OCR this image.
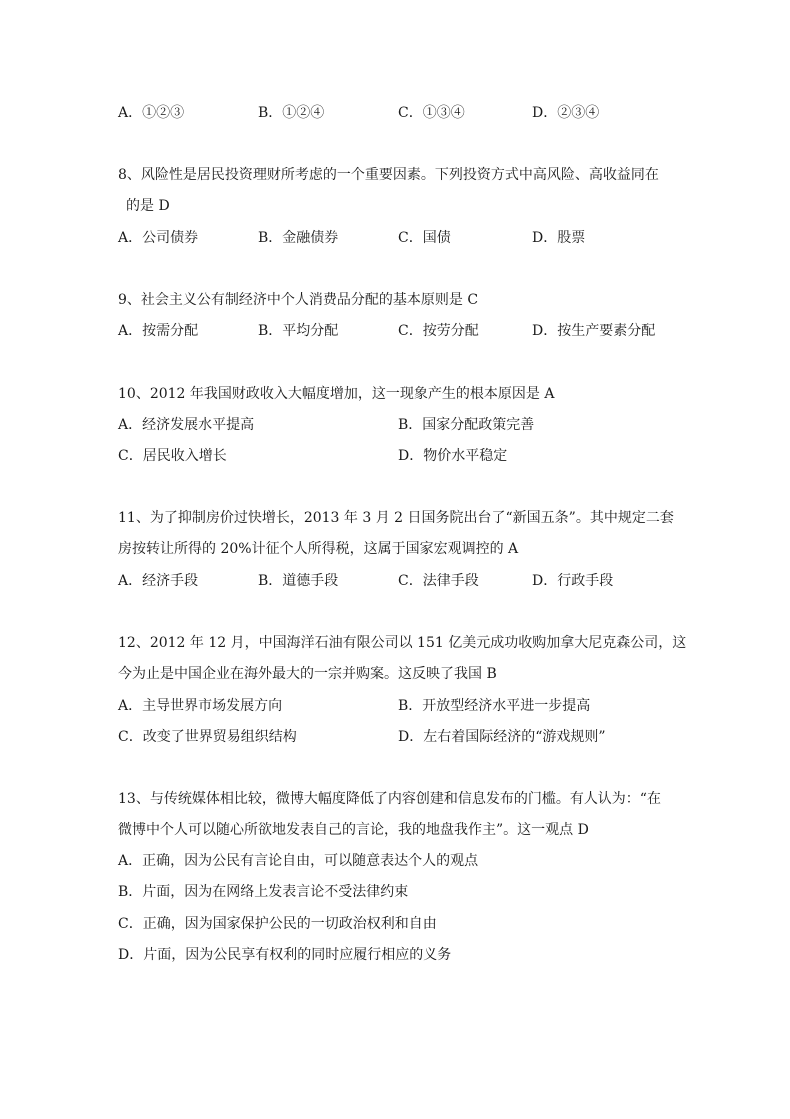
A．①②③	B．①②④	C．①③④	D．②③④
8、风险性是居民投资理财所考虑的一个重要因素。下列投资方式中高风险、高收益同在
的是 D
A．公司债券	B．金融债券	C．国债	D．股票
9、社会主义公有制经济中个人消费品分配的基本原则是 C
A．按需分配	B．平均分配	C．按劳分配	D．按生产要素分配
10、2012 年我国财政收入大幅度增加，这一现象产生的根本原因是 A
A．经济发展水平提高	B．国家分配政策完善
C．居民收入增长	D．物价水平稳定
11、为了抑制房价过快增长，2013 年 3 月 2 日国务院出台了“新国五条”。其中规定二套
房按转让所得的 20%计征个人所得税，这属于国家宏观调控的 A
A．经济手段	B．道德手段	C．法律手段	D．行政手段
12、2012 年 12 月，中国海洋石油有限公司以 151 亿美元成功收购加拿大尼克森公司，这
今为止是中国企业在海外最大的一宗并购案。这反映了我国 B
A．主导世界市场发展方向	B．开放型经济水平进一步提高
C．改变了世界贸易组织结构	D．左右着国际经济的“游戏规则”
13、与传统媒体相比较，微博大幅度降低了内容创建和信息发布的门槛。有人认为：“在
微博中个人可以随心所欲地发表自己的言论，我的地盘我作主”。这一观点 D
A．正确，因为公民有言论自由，可以随意表达个人的观点
B．片面，因为在网络上发表言论不受法律约束
C．正确，因为国家保护公民的一切政治权利和自由
D．片面，因为公民享有权利的同时应履行相应的义务
